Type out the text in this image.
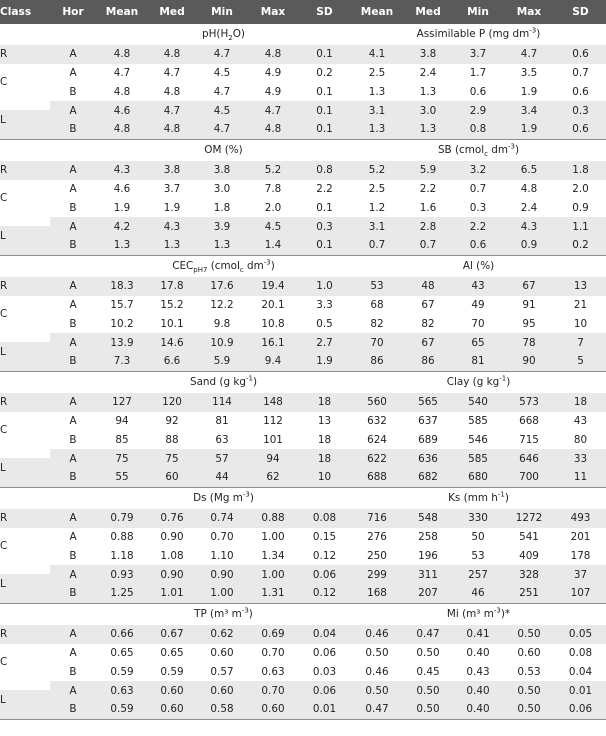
Class	Hor	Mean	Med	Min	Max	SD	Mean	Med	Min	Max	SD
		$pH(H_2O)$					Assimilable P (mg $dm^{-3}$)				
R	A	4.8	4.8	4.7	4.8	0.1	4.1	3.8	3.7	4.7	0.6
C	A	4.7	4.7	4.5	4.9	0.2	2.5	2.4	1.7	3.5	0.7
	B	4.8	4.8	4.7	4.9	0.1	1.3	1.3	0.6	1.9	0.6
L	A	4.6	4.7	4.5	4.7	0.1	3.1	3.0	2.9	3.4	0.3
	B	4.8	4.8	4.7	4.8	0.1	1.3	1.3	0.8	1.9	0.6
		OM (%)					SB (cmol$_c$ $dm^{-3}$)				
R	A	4.3	3.8	3.8	5.2	0.8	5.2	5.9	3.2	6.5	1.8
C	A	4.6	3.7	3.0	7.8	2.2	2.5	2.2	0.7	4.8	2.0
	B	1.9	1.9	1.8	2.0	0.1	1.2	1.6	0.3	2.4	0.9
L	A	4.2	4.3	3.9	4.5	0.3	3.1	2.8	2.2	4.3	1.1
	B	1.3	1.3	1.3	1.4	0.1	0.7	0.7	0.6	0.9	0.2
		$CEC_{pH7}$ (cmol$_c$ $dm^{-3}$)					Al (%)				
R	A	18.3	17.8	17.6	19.4	1.0	53	48	43	67	13
C	A	15.7	15.2	12.2	20.1	3.3	68	67	49	91	21
	B	10.2	10.1	9.8	10.8	0.5	82	82	70	95	10
L	A	13.9	14.6	10.9	16.1	2.7	70	67	65	78	7
	B	7.3	6.6	5.9	9.4	1.9	86	86	81	90	5
		Sand (g $kg^{-1}$)					Clay (g $kg^{-1}$)				
R	A	127	120	114	148	18	560	565	540	573	18
C	A	94	92	81	112	13	632	637	585	668	43
	B	85	88	63	101	18	624	689	546	715	80
L	A	75	75	57	94	18	622	636	585	646	33
	B	55	60	44	62	10	688	682	680	700	11
		Ds (Mg $m^{-3}$)					Ks (mm $h^{-1}$)				
R	A	0.79	0.76	0.74	0.88	0.08	716	548	330	1272	493
C	A	0.88	0.90	0.70	1.00	0.15	276	258	50	541	201
	B	1.18	1.08	1.10	1.34	0.12	250	196	53	409	178
L	A	0.93	0.90	0.90	1.00	0.06	299	311	257	328	37
	B	1.25	1.01	1.00	1.31	0.12	168	207	46	251	107
		TP (m³ $m^{-3}$)					Mi (m³ $m^{-3})*$				
R	A	0.66	0.67	0.62	0.69	0.04	0.46	0.47	0.41	0.50	0.05
C	A	0.65	0.65	0.60	0.70	0.06	0.50	0.50	0.40	0.60	0.08
	B	0.59	0.59	0.57	0.63	0.03	0.46	0.45	0.43	0.53	0.04
L	A	0.63	0.60	0.60	0.70	0.06	0.50	0.50	0.40	0.50	0.01
	B	0.59	0.60	0.58	0.60	0.01	0.47	0.50	0.40	0.50	0.06
